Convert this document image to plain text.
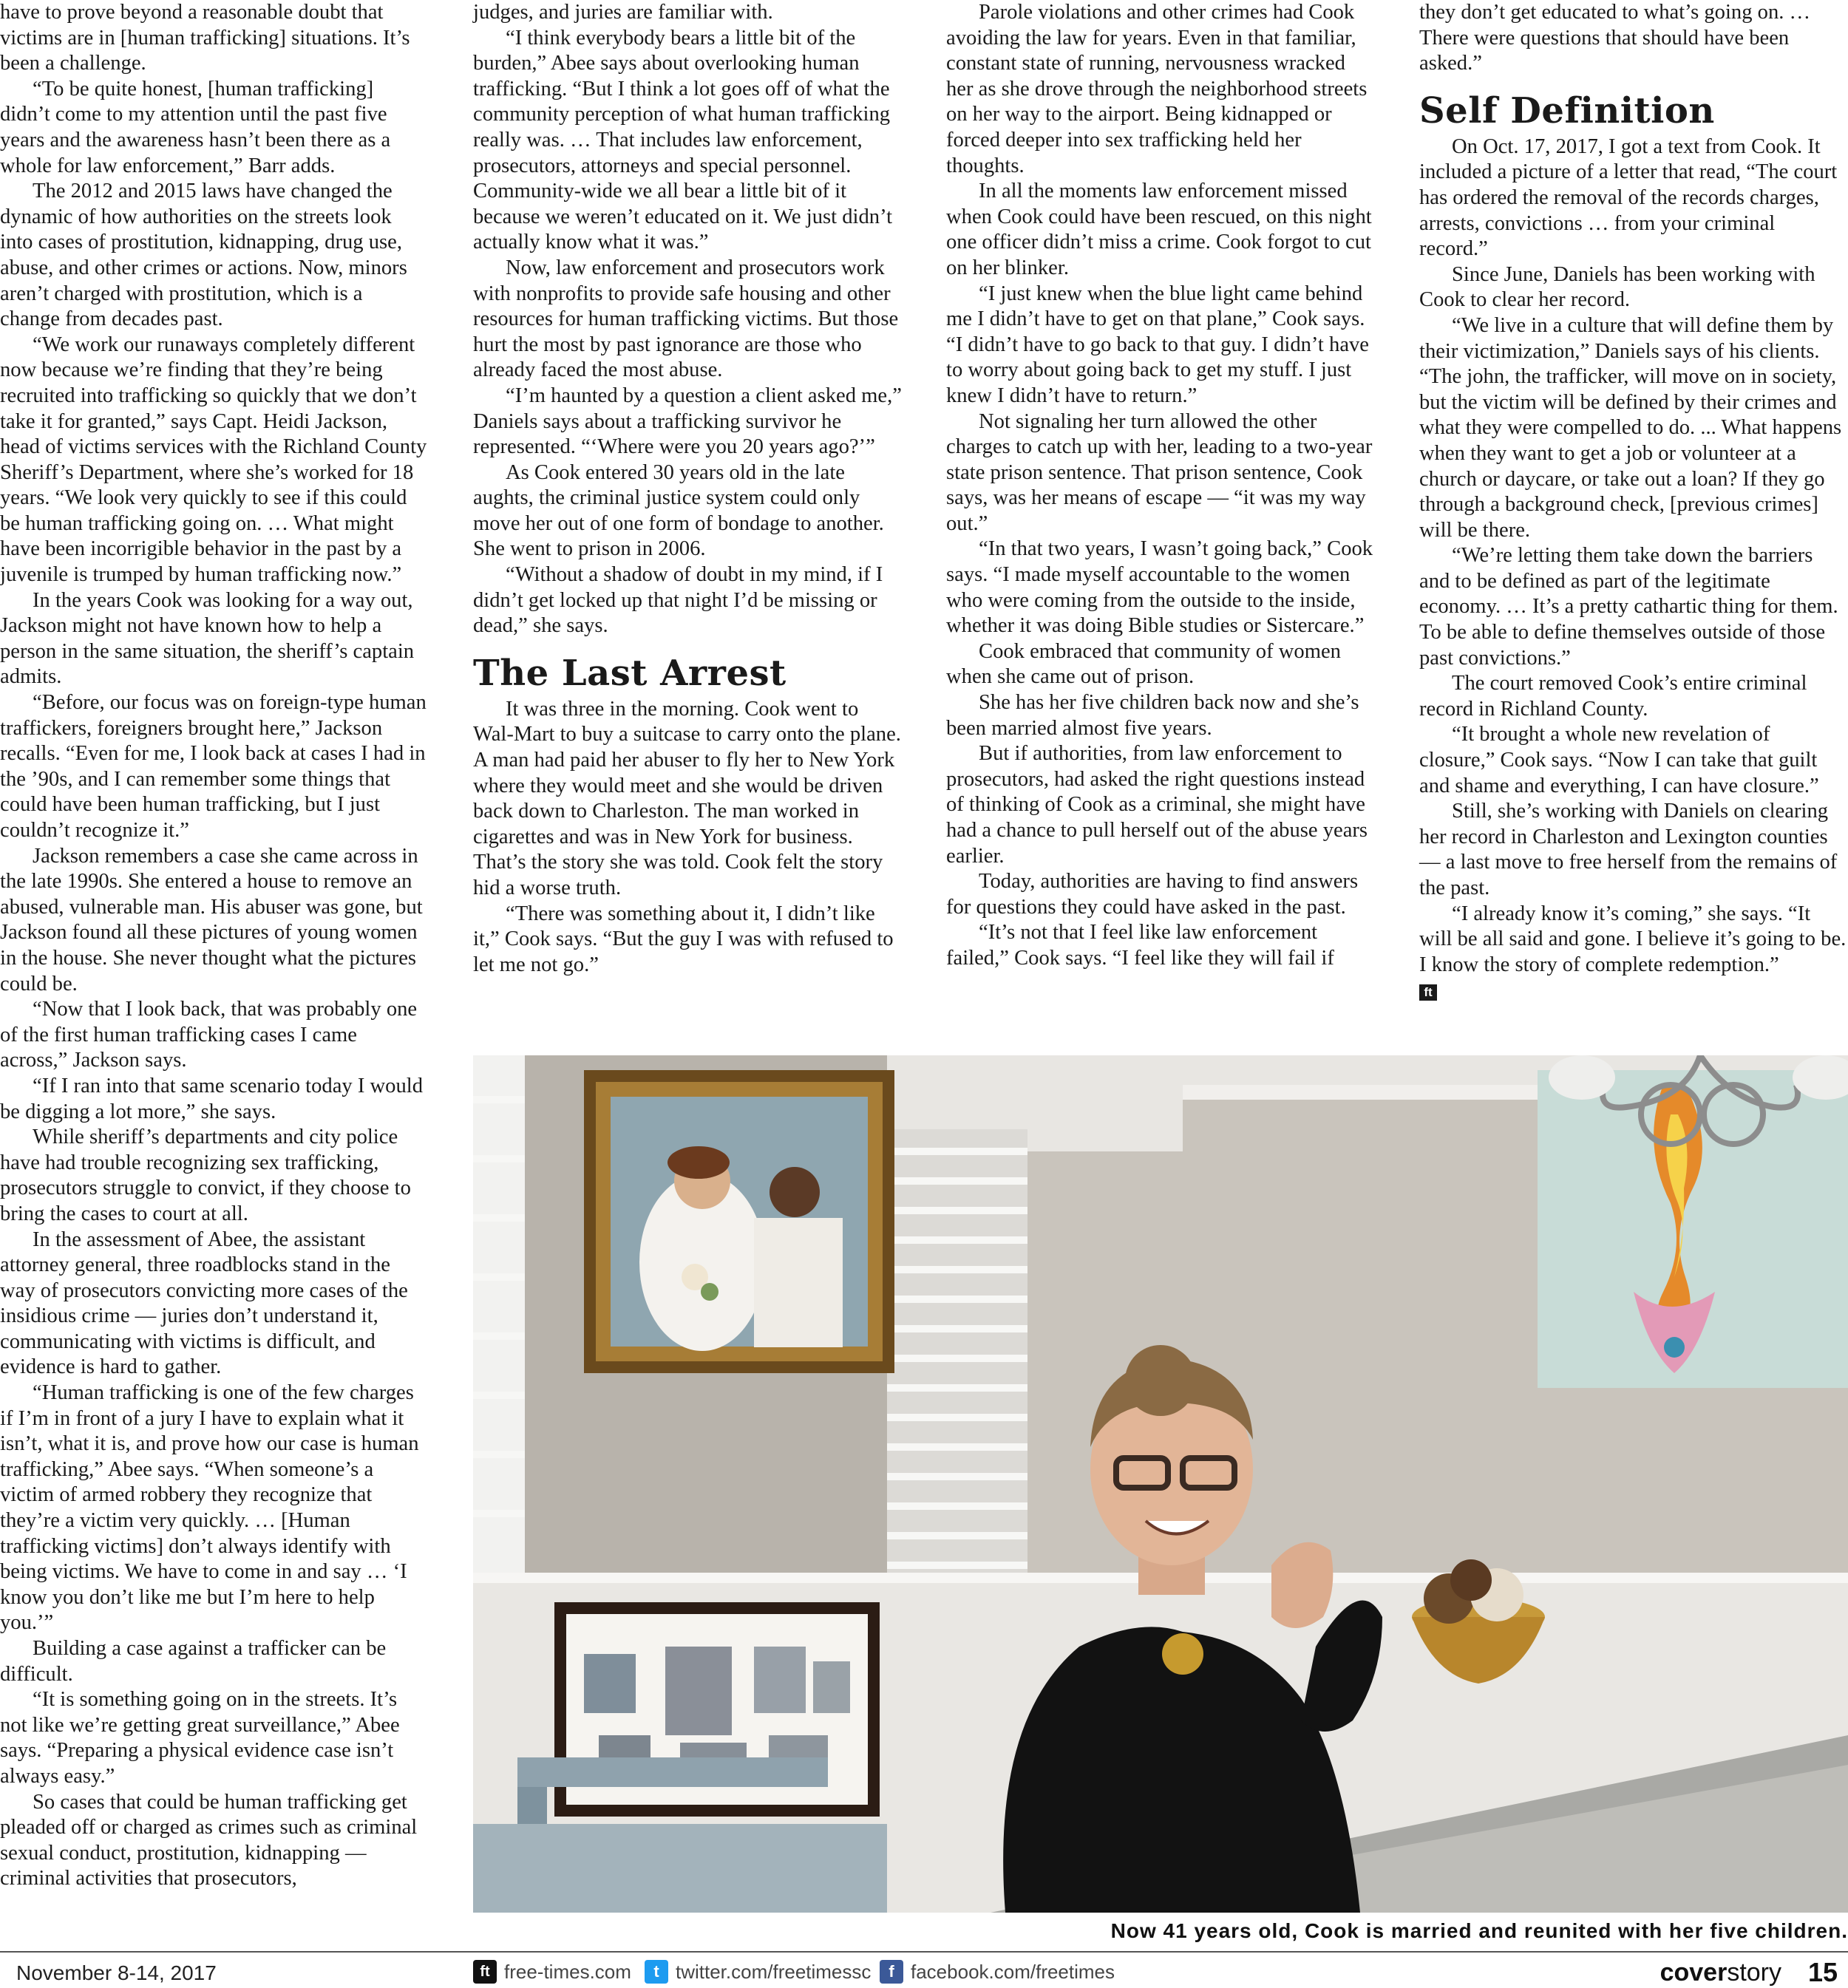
have to prove beyond a reasonable doubt that victims are in [human trafficking] situations. It’s been a challenge.

“To be quite honest, [human trafficking] didn’t come to my attention until the past five years and the awareness hasn’t been there as a whole for law enforcement,” Barr adds.

The 2012 and 2015 laws have changed the dynamic of how authorities on the streets look into cases of prostitution, kidnapping, drug use, abuse, and other crimes or actions. Now, minors aren’t charged with prostitution, which is a change from decades past.

“We work our runaways completely different now because we’re finding that they’re being recruited into trafficking so quickly that we don’t take it for granted,” says Capt. Heidi Jackson, head of victims services with the Richland County Sheriff’s Department, where she’s worked for 18 years. “We look very quickly to see if this could be human trafficking going on. … What might have been incorrigible behavior in the past by a juvenile is trumped by human trafficking now.”

In the years Cook was looking for a way out, Jackson might not have known how to help a person in the same situation, the sheriff’s captain admits.

“Before, our focus was on foreign-type human traffickers, foreigners brought here,” Jackson recalls. “Even for me, I look back at cases I had in the ’90s, and I can remember some things that could have been human trafficking, but I just couldn’t recognize it.”

Jackson remembers a case she came across in the late 1990s. She entered a house to remove an abused, vulnerable man. His abuser was gone, but Jackson found all these pictures of young women in the house. She never thought what the pictures could be.

“Now that I look back, that was probably one of the first human trafficking cases I came across,” Jackson says.

“If I ran into that same scenario today I would be digging a lot more,” she says.

While sheriff’s departments and city police have had trouble recognizing sex trafficking, prosecutors struggle to convict, if they choose to bring the cases to court at all.

In the assessment of Abee, the assistant attorney general, three roadblocks stand in the way of prosecutors convicting more cases of the insidious crime — juries don’t understand it, communicating with victims is difficult, and evidence is hard to gather.

“Human trafficking is one of the few charges if I’m in front of a jury I have to explain what it isn’t, what it is, and prove how our case is human trafficking,” Abee says. “When someone’s a victim of armed robbery they recognize that they’re a victim very quickly. … [Human trafficking victims] don’t always identify with being victims. We have to come in and say … ‘I know you don’t like me but I’m here to help you.’”

Building a case against a trafficker can be difficult.

“It is something going on in the streets. It’s not like we’re getting great surveillance,” Abee says. “Preparing a physical evidence case isn’t always easy.”

So cases that could be human trafficking get pleaded off or charged as crimes such as criminal sexual conduct, prostitution, kidnapping — criminal activities that prosecutors,

judges, and juries are familiar with.

“I think everybody bears a little bit of the burden,” Abee says about overlooking human trafficking. “But I think a lot goes off of what the community perception of what human trafficking really was. … That includes law enforcement, prosecutors, attorneys and special personnel. Community-wide we all bear a little bit of it because we weren’t educated on it. We just didn’t actually know what it was.”

Now, law enforcement and prosecutors work with nonprofits to provide safe housing and other resources for human trafficking victims. But those hurt the most by past ignorance are those who already faced the most abuse.

“I’m haunted by a question a client asked me,” Daniels says about a trafficking survivor he represented. “‘Where were you 20 years ago?’”

As Cook entered 30 years old in the late aughts, the criminal justice system could only move her out of one form of bondage to another. She went to prison in 2006.

“Without a shadow of doubt in my mind, if I didn’t get locked up that night I’d be missing or dead,” she says.

The Last Arrest

It was three in the morning. Cook went to Wal-Mart to buy a suitcase to carry onto the plane. A man had paid her abuser to fly her to New York where they would meet and she would be driven back down to Charleston. The man worked in cigarettes and was in New York for business. That’s the story she was told. Cook felt the story hid a worse truth.

“There was something about it, I didn’t like it,” Cook says. “But the guy I was with refused to let me not go.”

Parole violations and other crimes had Cook avoiding the law for years. Even in that familiar, constant state of running, nervousness wracked her as she drove through the neighborhood streets on her way to the airport. Being kidnapped or forced deeper into sex trafficking held her thoughts.

In all the moments law enforcement missed when Cook could have been rescued, on this night one officer didn’t miss a crime. Cook forgot to cut on her blinker.

“I just knew when the blue light came behind me I didn’t have to get on that plane,” Cook says. “I didn’t have to go back to that guy. I didn’t have to worry about going back to get my stuff. I just knew I didn’t have to return.”

Not signaling her turn allowed the other charges to catch up with her, leading to a two-year state prison sentence. That prison sentence, Cook says, was her means of escape — “it was my way out.”

“In that two years, I wasn’t going back,” Cook says. “I made myself accountable to the women who were coming from the outside to the inside, whether it was doing Bible studies or Sistercare.”

Cook embraced that community of women when she came out of prison.

She has her five children back now and she’s been married almost five years.

But if authorities, from law enforcement to prosecutors, had asked the right questions instead of thinking of Cook as a criminal, she might have had a chance to pull herself out of the abuse years earlier.

Today, authorities are having to find answers for questions they could have asked in the past.

“It’s not that I feel like law enforcement failed,” Cook says. “I feel like they will fail if

they don’t get educated to what’s going on. … There were questions that should have been asked.”

Self Definition

On Oct. 17, 2017, I got a text from Cook. It included a picture of a letter that read, “The court has ordered the removal of the records charges, arrests, convictions … from your criminal record.”

Since June, Daniels has been working with Cook to clear her record.

“We live in a culture that will define them by their victimization,” Daniels says of his clients. “The john, the trafficker, will move on in society, but the victim will be defined by their crimes and what they were compelled to do. ... What happens when they want to get a job or volunteer at a church or daycare, or take out a loan? If they go through a background check, [previous crimes] will be there.

“We’re letting them take down the barriers and to be defined as part of the legitimate economy. … It’s a pretty cathartic thing for them. To be able to define themselves outside of those past convictions.”

The court removed Cook’s entire criminal record in Richland County.

“It brought a whole new revelation of closure,” Cook says. “Now I can take that guilt and shame and everything, I can have closure.”

Still, she’s working with Daniels on clearing her record in Charleston and Lexington counties — a last move to free herself from the remains of the past.

“I already know it’s coming,” she says. “It will be all said and gone. I believe it’s going to be. I know the story of complete redemption.”

ft
Now 41 years old, Cook is married and reunited with her five children.
November 8-14, 2017	ft free-times.com	t twitter.com/freetimessc	f facebook.com/freetimes	coverstory 15
